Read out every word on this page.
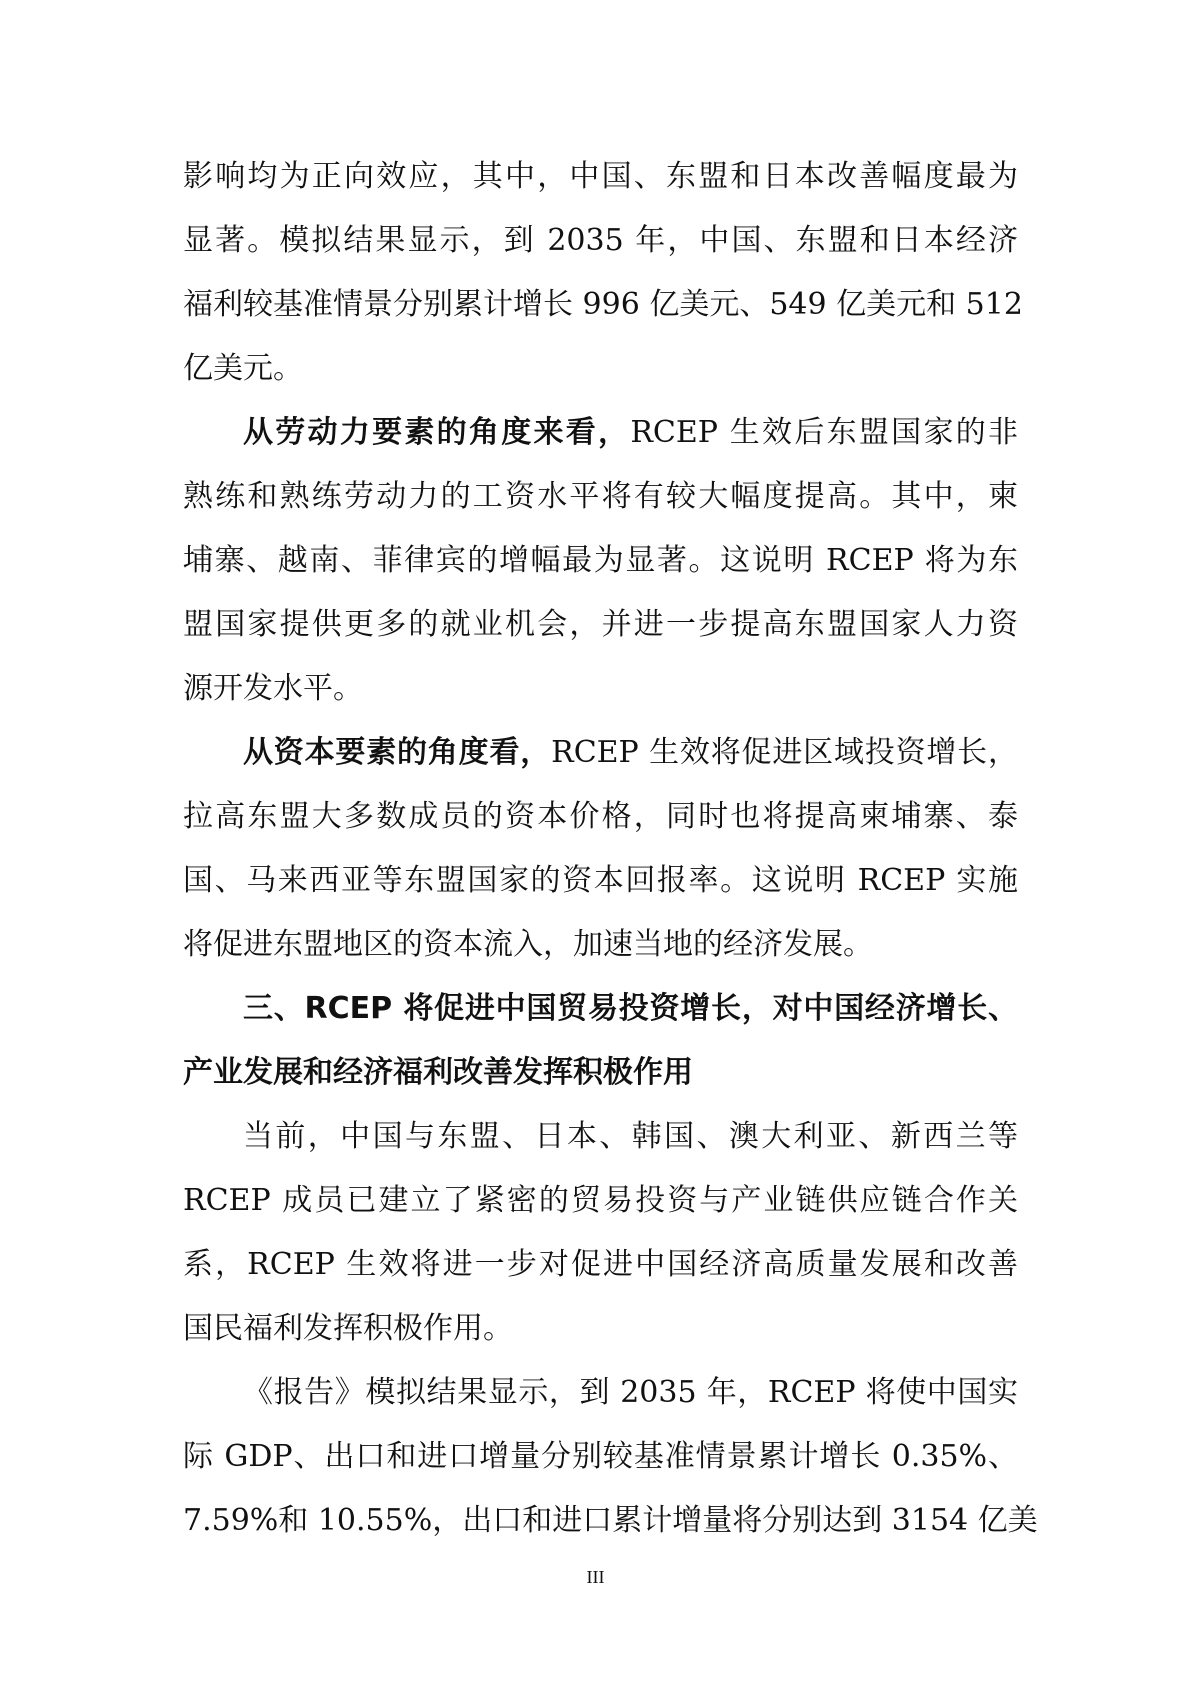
影响均为正向效应，其中，中国、东盟和日本改善幅度最为
显著。模拟结果显示，到 2035 年，中国、东盟和日本经济
福利较基准情景分别累计增长 996 亿美元、549 亿美元和 512
亿美元。

从劳动力要素的角度来看，RCEP 生效后东盟国家的非
熟练和熟练劳动力的工资水平将有较大幅度提高。其中，柬
埔寨、越南、菲律宾的增幅最为显著。这说明 RCEP 将为东
盟国家提供更多的就业机会，并进一步提高东盟国家人力资
源开发水平。

从资本要素的角度看，RCEP 生效将促进区域投资增长，
拉高东盟大多数成员的资本价格，同时也将提高柬埔寨、泰
国、马来西亚等东盟国家的资本回报率。这说明 RCEP 实施
将促进东盟地区的资本流入，加速当地的经济发展。

三、RCEP 将促进中国贸易投资增长，对中国经济增长、
产业发展和经济福利改善发挥积极作用

当前，中国与东盟、日本、韩国、澳大利亚、新西兰等
RCEP 成员已建立了紧密的贸易投资与产业链供应链合作关
系，RCEP 生效将进一步对促进中国经济高质量发展和改善
国民福利发挥积极作用。

《报告》模拟结果显示，到 2035 年，RCEP 将使中国实
际 GDP、出口和进口增量分别较基准情景累计增长 0.35%、
7.59%和 10.55%，出口和进口累计增量将分别达到 3154 亿美

III
